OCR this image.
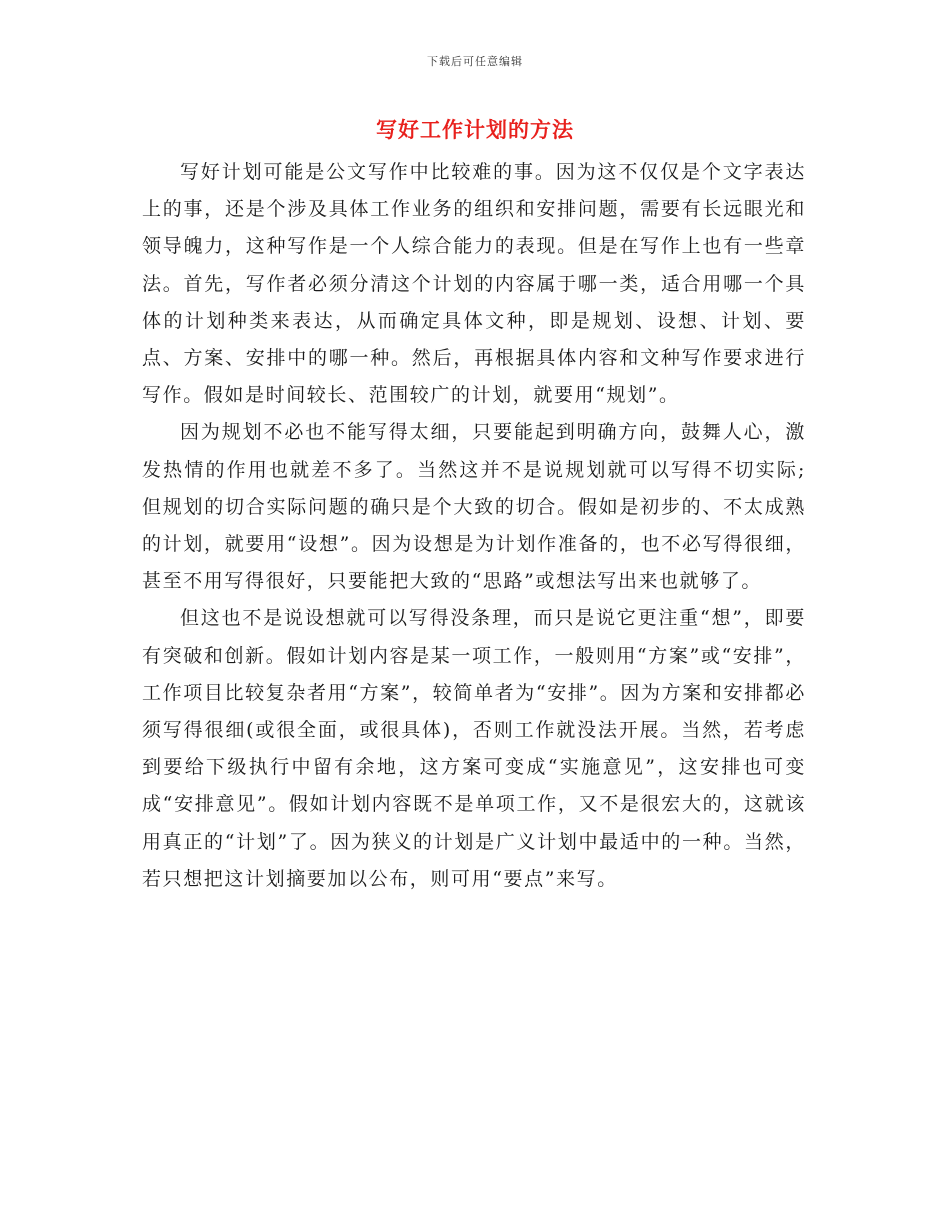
下载后可任意编辑
写好工作计划的方法

写好计划可能是公文写作中比较难的事。因为这不仅仅是个文字表达上的事，还是个涉及具体工作业务的组织和安排问题，需要有长远眼光和领导魄力，这种写作是一个人综合能力的表现。但是在写作上也有一些章法。首先，写作者必须分清这个计划的内容属于哪一类，适合用哪一个具体的计划种类来表达，从而确定具体文种，即是规划、设想、计划、要点、方案、安排中的哪一种。然后，再根据具体内容和文种写作要求进行写作。假如是时间较长、范围较广的计划，就要用“规划”。

因为规划不必也不能写得太细，只要能起到明确方向，鼓舞人心，激发热情的作用也就差不多了。当然这并不是说规划就可以写得不切实际;但规划的切合实际问题的确只是个大致的切合。假如是初步的、不太成熟的计划，就要用“设想”。因为设想是为计划作准备的，也不必写得很细，甚至不用写得很好，只要能把大致的“思路”或想法写出来也就够了。

但这也不是说设想就可以写得没条理，而只是说它更注重“想”，即要有突破和创新。假如计划内容是某一项工作，一般则用“方案”或“安排”，工作项目比较复杂者用“方案”，较简单者为“安排”。因为方案和安排都必须写得很细(或很全面，或很具体)，否则工作就没法开展。当然，若考虑到要给下级执行中留有余地，这方案可变成“实施意见”，这安排也可变成“安排意见”。假如计划内容既不是单项工作，又不是很宏大的，这就该用真正的“计划”了。因为狭义的计划是广义计划中最适中的一种。当然，若只想把这计划摘要加以公布，则可用“要点”来写。
